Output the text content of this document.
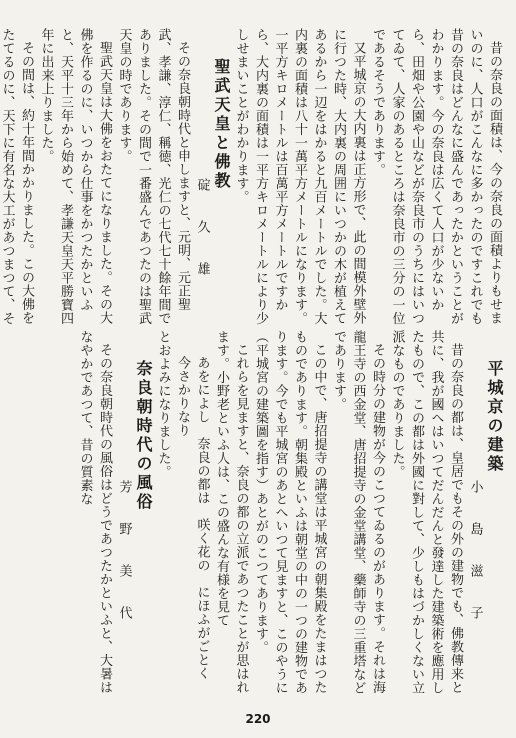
昔の奈良の面積は、今の奈良の面積よりもせまいのに、人口がこんなに多かったのですこれでも昔の奈良はどんなに盛んであったかということがわかります。今の奈良は広くて人口が少ないから、田畑や公園や山などが奈良市のうちにはいつてゐて、人家のあるところは奈良市の三分の一位であるそうであります。
又平城京の大内裏は正方形で、此の間模外壁外に行つた時、大内裏の周囲にいつかの木が植えてあるから一辺をはかると九百メートルでした。大内裏の面積は八十一萬平方メートルになります。一平方キロメートルは百萬平方メートルですから、大内裏の面積は一平方キロメートルにより少しせまいことがわかります。
聖武天皇と佛教
碇　久　雄
その奈良朝時代と申しますと、元明、元正聖武、孝謙、淳仁、稱徳、光仁の七代七十餘年間でありました。その間で一番盛んであつたのは聖武天皇の時であります。
聖武天皇は大佛をおたてになりました。その大佛を作るのに、いつから仕事をかつたかといふと、天平十三年から始めて、孝謙天皇天平勝寶四年に出来上りました。
その間は、約十年間かかりました。この大佛をたてるのに、天下に有名な大工があつまつて、そ
平城京の建築
小　島　滋　子
昔の奈良の都は、皇居でもその外の建物でも、佛教傳来と共に、我が國へはいつてだんだんと發達した建築術を應用したもので、この都は外國に對して、少しもはづかしくない立派なものでありました。
その時分の建物が今のこつてゐるのがあります。それは海龍王寺の西金堂、唐招提寺の金堂講堂、藥師寺の三重塔などであります。
この中で、唐招提寺の講堂は平城宮の朝集殿をたまはつたものであります。朝集殿といふは朝堂の中の一つの建物であります。今でも平城宮のあとへいつて見ますと、このやうに（平城宮の建築圖を指す）あとがのこつてあります。
これらを見ますと、奈良の都の立派であつたことが思はれます。小野老といふ人は、この盛んな有様を見て
あをによし　奈良の都は　咲く花の　にほふがごとく　今さかりなり
とおよみになりました。
奈良朝時代の風俗
芳　野　美　代
その奈良朝時代の風俗はどうであつたかといふと、大暑はなやかであつて、昔の質素な
220
